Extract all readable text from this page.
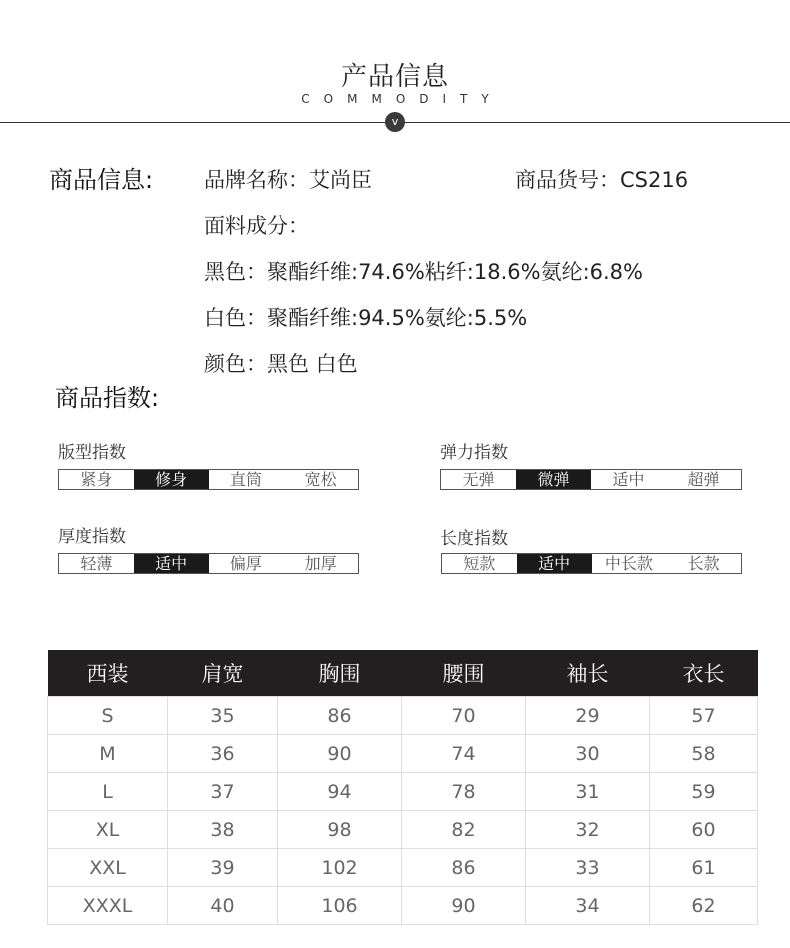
产品信息
COMMODITY
v
商品信息: 品牌名称：艾尚臣	商品货号：CS216
面料成分：
黑色：聚酯纤维:74.6%粘纤:18.6%氨纶:6.8%
白色：聚酯纤维:94.5%氨纶:5.5%
颜色：黑色 白色
商品指数:
版型指数
紧身	修身	直筒	宽松
弹力指数
无弹	微弹	适中	超弹
厚度指数
轻薄	适中	偏厚	加厚
长度指数
短款	适中	中长款	长款
西装	肩宽	胸围	腰围	袖长	衣长
S	35	86	70	29	57
M	36	90	74	30	58
L	37	94	78	31	59
XL	38	98	82	32	60
XXL	39	102	86	33	61
XXXL	40	106	90	34	62
